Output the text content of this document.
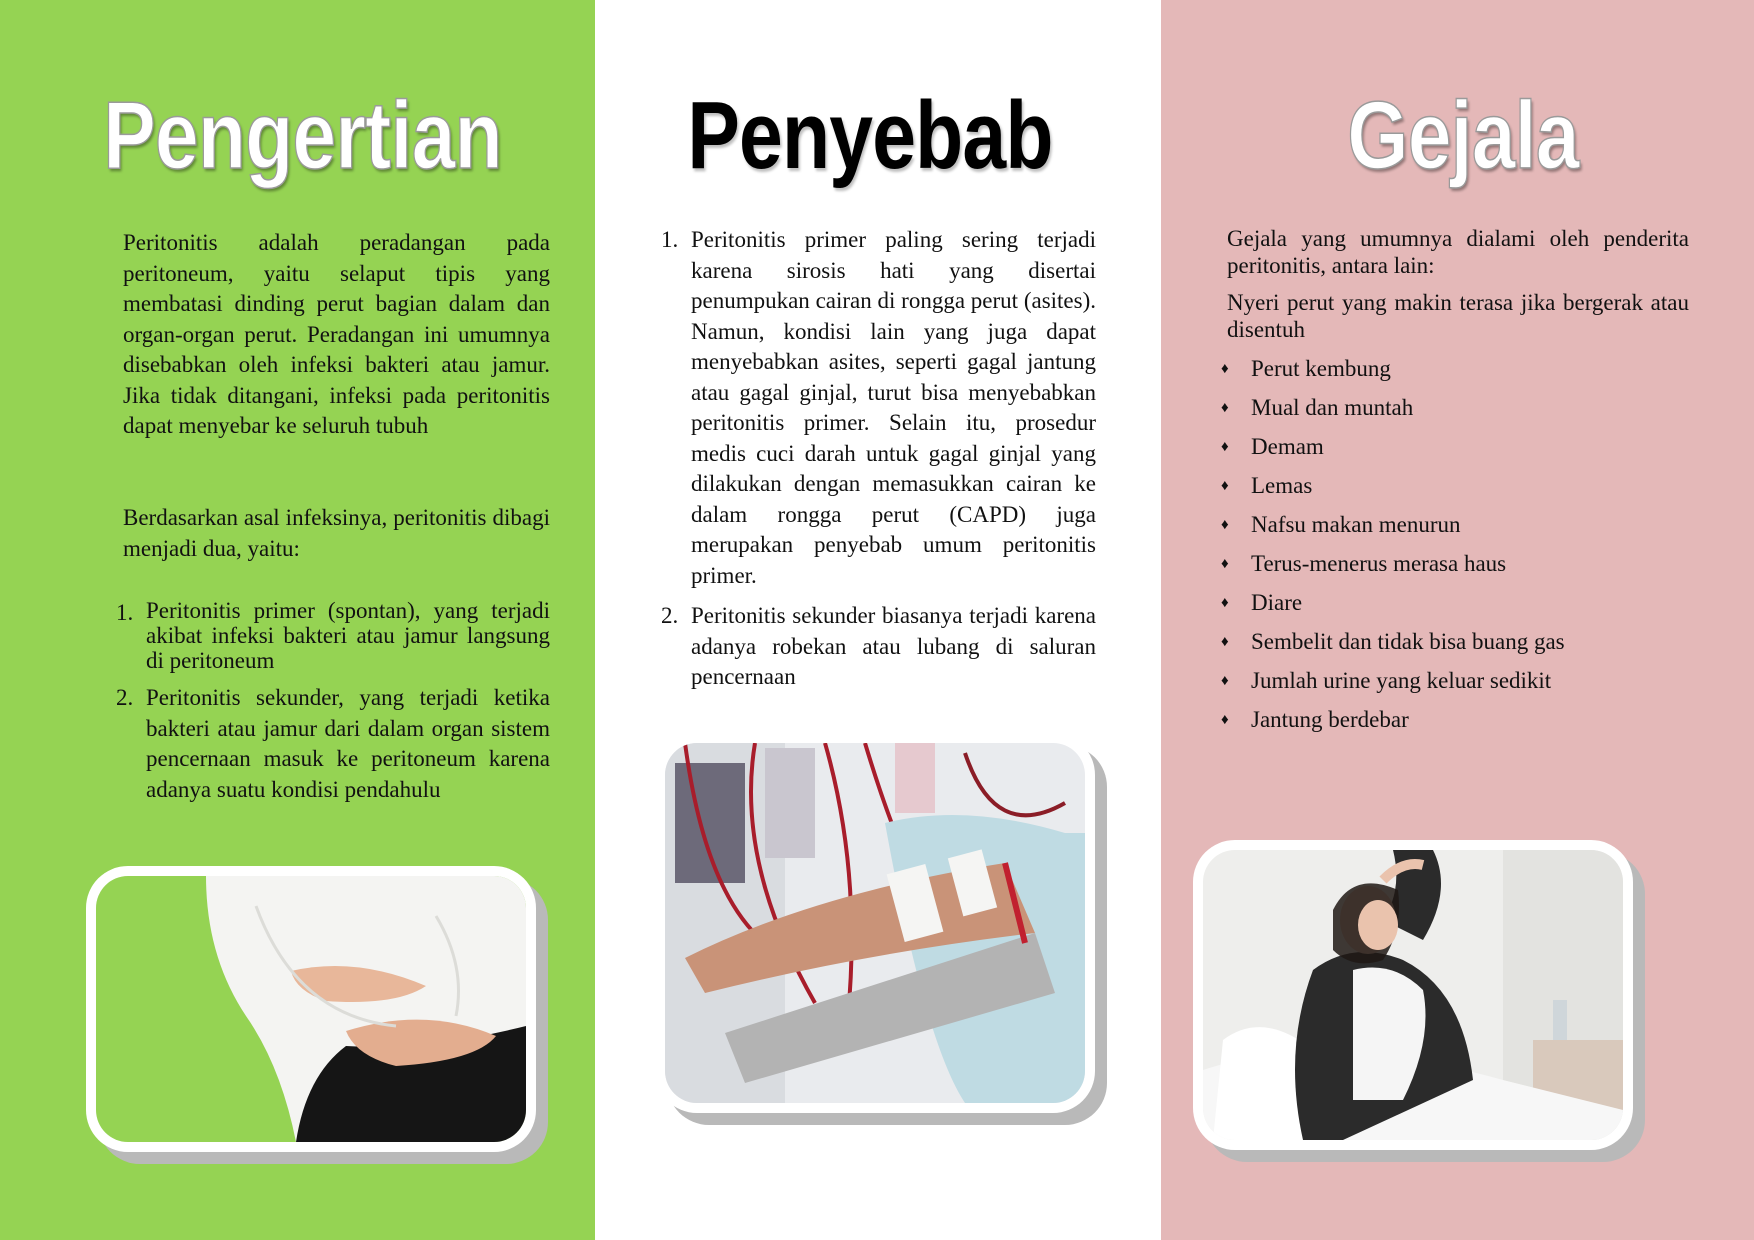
Pengertian

Peritonitis adalah peradangan pada peritoneum, yaitu selaput tipis yang membatasi dinding perut bagian dalam dan organ-organ perut. Peradangan ini umumnya disebabkan oleh infeksi bakteri atau jamur. Jika tidak ditangani, infeksi pada peritonitis dapat menyebar ke seluruh tubuh

Berdasarkan asal infeksinya, peritonitis dibagi menjadi dua, yaitu:

1. Peritonitis primer (spontan), yang terjadi akibat infeksi bakteri atau jamur langsung di peritoneum
2. Peritonitis sekunder, yang terjadi ketika bakteri atau jamur dari dalam organ sistem pencernaan masuk ke peritoneum karena adanya suatu kondisi pendahulu
Penyebab
1. Peritonitis primer paling sering terjadi karena sirosis hati yang disertai penumpukan cairan di rongga perut (asites). Namun, kondisi lain yang juga dapat menyebabkan asites, seperti gagal jantung atau gagal ginjal, turut bisa menyebabkan peritonitis primer. Selain itu, prosedur medis cuci darah untuk gagal ginjal yang dilakukan dengan memasukkan cairan ke dalam rongga perut (CAPD) juga merupakan penyebab umum peritonitis primer.
2. Peritonitis sekunder biasanya terjadi karena adanya robekan atau lubang di saluran pencernaan
Gejala

Gejala yang umumnya dialami oleh penderita peritonitis, antara lain:

Nyeri perut yang makin terasa jika bergerak atau disentuh

♦ Perut kembung
♦ Mual dan muntah
♦ Demam
♦ Lemas
♦ Nafsu makan menurun
♦ Terus-menerus merasa haus
♦ Diare
♦ Sembelit dan tidak bisa buang gas
♦ Jumlah urine yang keluar sedikit
♦ Jantung berdebar
